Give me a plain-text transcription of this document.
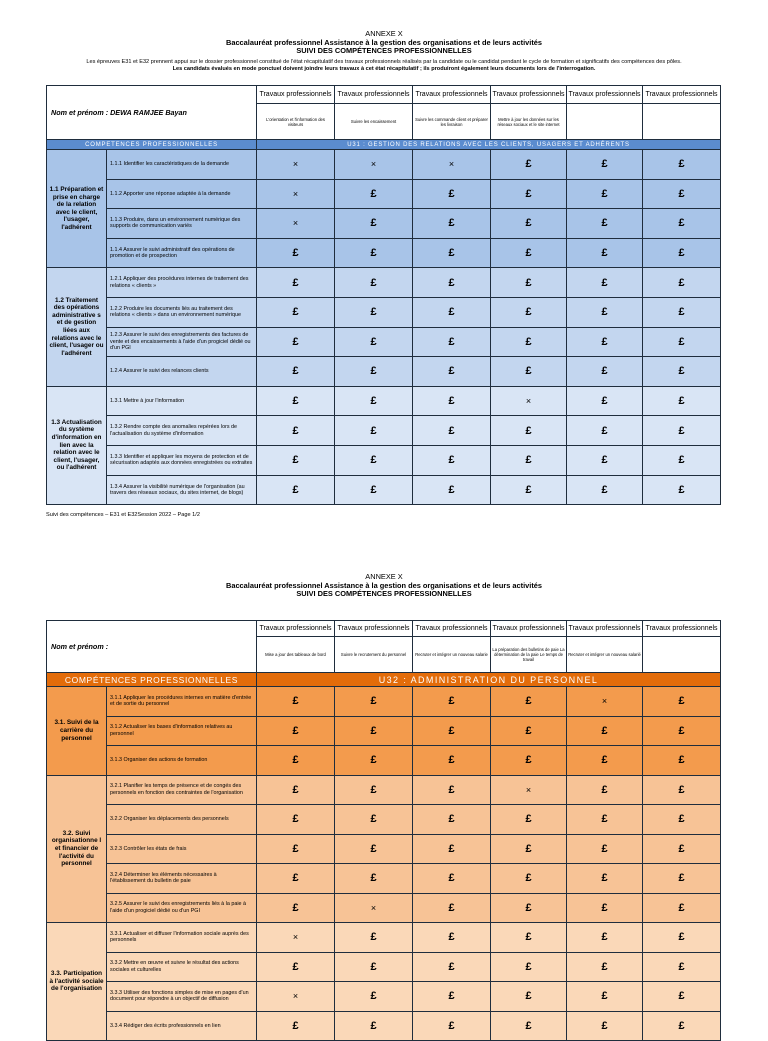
ANNEXE X
Baccalauréat professionnel Assistance à la gestion des organisations et de leurs activités
SUIVI DES COMPÉTENCES PROFESSIONNELLES
Les épreuves E31 et E32 prennent appui sur le dossier professionnel constitué de l'état récapitulatif des travaux professionnels réalisés par la candidate ou le candidat pendant le cycle de formation et significatifs des compétences des pôles.
Les candidats évalués en mode ponctuel doivent joindre leurs travaux à cet état récapitulatif ; ils produiront également leurs documents lors de l'interrogation.
Nom et prénom : DEWA RAMJEE Bayan		Travaux professionnels	Travaux professionnels	Travaux professionnels	Travaux professionnels	Travaux professionnels	Travaux professionnels
		L'orientation et l'information des visiteurs	Suivre les encaissement	Suivre les commande client et préparer les livraison	Mettre à jour les données sur les réseaux sociaux et le site internet		
COMPETENCES PROFESSIONNELLES		U31 : GESTION DES RELATIONS AVEC LES CLIENTS, USAGERS ET ADHÉRENTS					
1.1 Préparation et prise en charge de la relation avec le client, l'usager, l'adhérent	1.1.1 Identifier les caractéristiques de la demande	×	×	×	£	£	£
	1.1.2 Apporter une réponse adaptée à la demande	×	£	£	£	£	£
	1.1.3 Produire, dans un environnement numérique des supports de communication variés	×	£	£	£	£	£
	1.1.4 Assurer le suivi administratif des opérations de promotion et de prospection	£	£	£	£	£	£
1.2 Traitement des opérations administrative s et de gestion liées aux relations avec le client, l'usager ou l'adhérent	1.2.1 Appliquer des procédures internes de traitement des relations « clients »	£	£	£	£	£	£
	1.2.2 Produire les documents liés au traitement des relations « clients » dans un environnement numérique	£	£	£	£	£	£
	1.2.3 Assurer le suivi des enregistrements des factures de vente et des encaissements à l'aide d'un progiciel dédié ou d'un PGI	£	£	£	£	£	£
	1.2.4 Assurer le suivi des relances clients	£	£	£	£	£	£
1.3 Actualisation du système d'information en lien avec la relation avec le client, l'usager, ou l'adhérent	1.3.1 Mettre à jour l'information	£	£	£	×	£	£
	1.3.2 Rendre compte des anomalies repérées lors de l'actualisation du système d'information	£	£	£	£	£	£
	1.3.3 Identifier et appliquer les moyens de protection et de sécurisation adaptés aux données enregistrées ou extraites	£	£	£	£	£	£
	1.3.4 Assurer la visibilité numérique de l'organisation (au travers des réseaux sociaux, du sites internet, de blogs)	£	£	£	£	£	£
Suivi des compétences – E31 et E32Session 2022 – Page 1/2
ANNEXE X
Baccalauréat professionnel Assistance à la gestion des organisations et de leurs activités
SUIVI DES COMPÉTENCES PROFESSIONNELLES
Nom et prénom :		Travaux professionnels	Travaux professionnels	Travaux professionnels	Travaux professionnels	Travaux professionnels	Travaux professionnels
		Mise a jour des tableaux de bord	Suivre le recrutement du personnel	Recruter et intégrer un nouveau salarie	La préparation des bulletins de paie La détermination de la paie Le temps de travail	Recruter et intégrer un nouveau salarié	
COMPÉTENCES PROFESSIONNELLES		U32 : ADMINISTRATION DU PERSONNEL					
3.1. Suivi de la carrière du personnel	3.1.1 Appliquer les procédures internes en matière d'entrée et de sortie du personnel	£	£	£	£	×	£
	3.1.2 Actualiser les bases d'information relatives au personnel	£	£	£	£	£	£
	3.1.3 Organiser des actions de formation	£	£	£	£	£	£
3.2. Suivi organisationne l et financier de l'activité du personnel	3.2.1 Planifier les temps de présence et de congés des personnels en fonction des contraintes de l'organisation	£	£	£	×	£	£
	3.2.2 Organiser les déplacements des personnels	£	£	£	£	£	£
	3.2.3 Contrôler les états de frais	£	£	£	£	£	£
	3.2.4 Déterminer les éléments nécessaires à l'établissement du bulletin de paie	£	£	£	£	£	£
	3.2.5 Assurer le suivi des enregistrements liés à la paie à l'aide d'un progiciel dédié ou d'un PGI	£	×	£	£	£	£
3.3. Participation à l'activité sociale de l'organisation	3.3.1 Actualiser et diffuser l'information sociale auprès des personnels	×	£	£	£	£	£
	3.3.2 Mettre en œuvre et suivre le résultat des actions sociales et culturelles	£	£	£	£	£	£
	3.3.3 Utiliser des fonctions simples de mise en pages d'un document pour répondre à un objectif de diffusion	×	£	£	£	£	£
	3.3.4 Rédiger des écrits professionnels en lien	£	£	£	£	£	£
